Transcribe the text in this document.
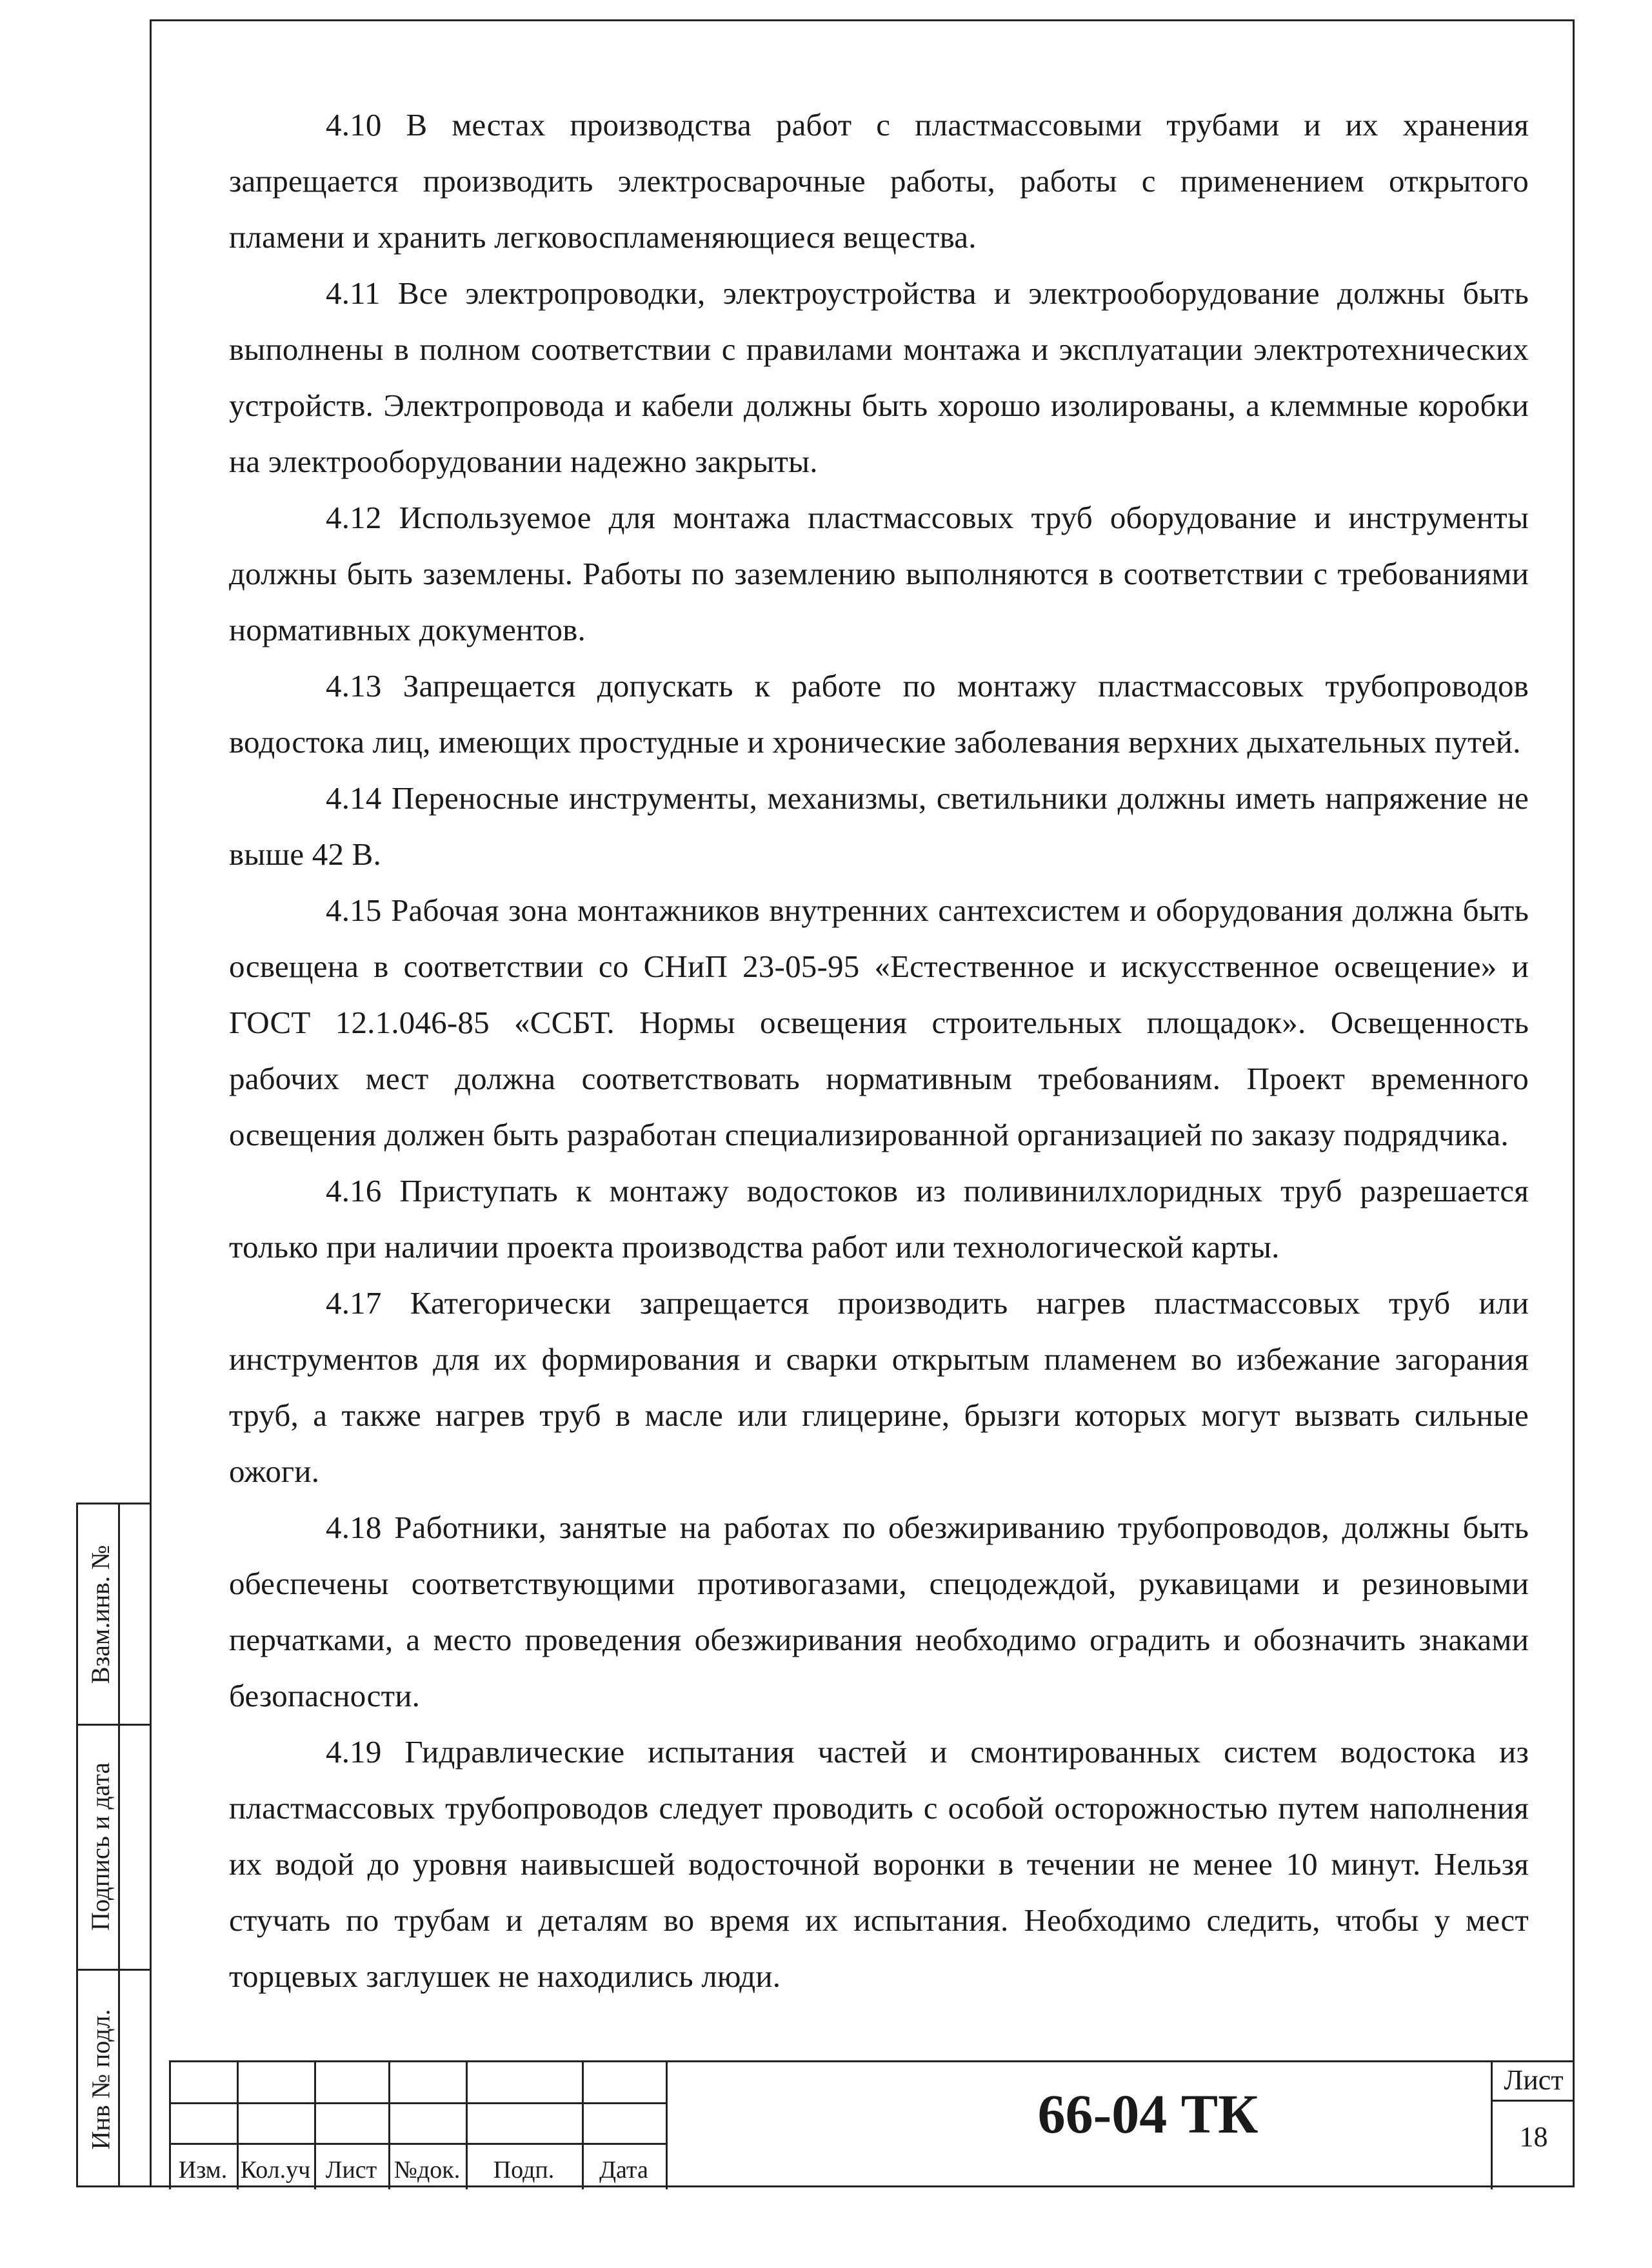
4.10 В местах производства работ с пластмассовыми трубами и их хранения запрещается производить электросварочные работы, работы с применением открытого пламени и хранить легковоспламеняющиеся вещества.

4.11 Все электропроводки, электроустройства и электрооборудование должны быть выполнены в полном соответствии с правилами монтажа и эксплуатации электротехнических устройств. Электропровода и кабели должны быть хорошо изолированы, а клеммные коробки на электрооборудовании надежно закрыты.

4.12 Используемое для монтажа пластмассовых труб оборудование и инструменты должны быть заземлены. Работы по заземлению выполняются в соответствии с требованиями нормативных документов.

4.13 Запрещается допускать к работе по монтажу пластмассовых трубопроводов водостока лиц, имеющих простудные и хронические заболевания верхних дыхательных путей.

4.14 Переносные инструменты, механизмы, светильники должны иметь напряжение не выше 42 В.

4.15 Рабочая зона монтажников внутренних сантехсистем и оборудования должна быть освещена в соответствии со СНиП 23-05-95 «Естественное и искусственное освещение» и ГОСТ 12.1.046-85 «ССБТ. Нормы освещения строительных площадок». Освещенность рабочих мест должна соответствовать нормативным требованиям. Проект временного освещения должен быть разработан специализированной организацией по заказу подрядчика.

4.16 Приступать к монтажу водостоков из поливинилхлоридных труб разрешается только при наличии проекта производства работ или технологической карты.

4.17 Категорически запрещается производить нагрев пластмассовых труб или инструментов для их формирования и сварки открытым пламенем во избежание загорания труб, а также нагрев труб в масле или глицерине, брызги которых могут вызвать сильные ожоги.

4.18 Работники, занятые на работах по обезжириванию трубопроводов, должны быть обеспечены соответствующими противогазами, спецодеждой, рукавицами и резиновыми перчатками, а место проведения обезжиривания необходимо оградить и обозначить знаками безопасности.

4.19 Гидравлические испытания частей и смонтированных систем водостока из пластмассовых трубопроводов следует проводить с особой осторожностью путем наполнения их водой до уровня наивысшей водосточной воронки в течении не менее 10 минут. Нельзя стучать по трубам и деталям во время их испытания. Необходимо следить, чтобы у мест торцевых заглушек не находились люди.

Взам.инв. №
Подпись и дата
Инв № подл.
Изм. Кол.уч Лист №док.	Подп.	Дата
66-04 ТК
Лист
18
